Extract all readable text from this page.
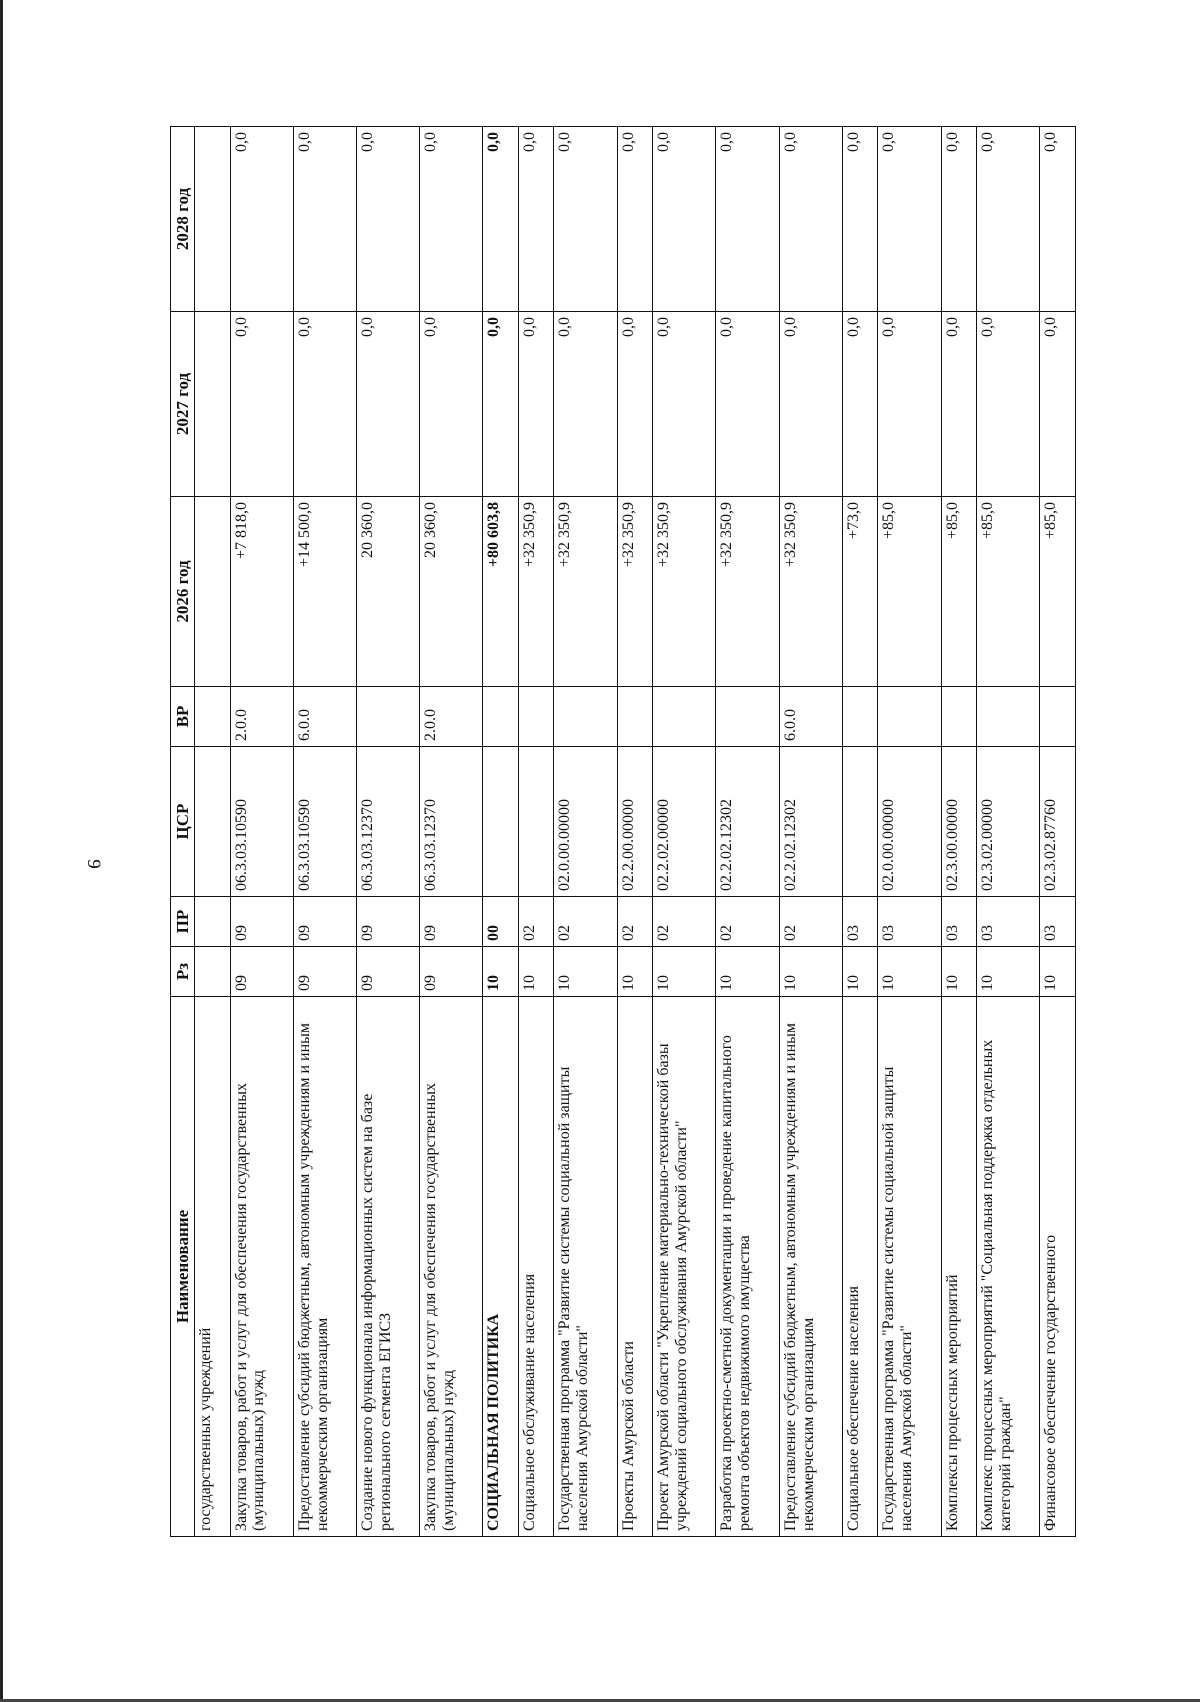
9
Наименование	Рз	ПР	ЦСР	ВР	2026 год	2027 год	2028 год
государственных учреждений							
Закупка товаров, работ и услуг для обеспечения государственных (муниципальных) нужд	09	09	06.3.03.10590	2.0.0	+7 818,0	0,0	0,0
Предоставление субсидий бюджетным, автономным учреждениям и иным некоммерческим организациям	09	09	06.3.03.10590	6.0.0	+14 500,0	0,0	0,0
Создание нового функционала информационных систем на базе регионального сегмента ЕГИСЗ	09	09	06.3.03.12370		20 360,0	0,0	0,0
Закупка товаров, работ и услуг для обеспечения государственных (муниципальных) нужд	09	09	06.3.03.12370	2.0.0	20 360,0	0,0	0,0
СОЦИАЛЬНАЯ ПОЛИТИКА	10	00			+80 603,8	0,0	0,0
Социальное обслуживание населения	10	02			+32 350,9	0,0	0,0
Государственная программа "Развитие системы социальной защиты населения Амурской области"	10	02	02.0.00.00000		+32 350,9	0,0	0,0
Проекты Амурской области	10	02	02.2.00.00000		+32 350,9	0,0	0,0
Проект Амурской области "Укрепление материально-технической базы учреждений социального обслуживания Амурской области"	10	02	02.2.02.00000		+32 350,9	0,0	0,0
Разработка проектно-сметной документации и проведение капитального ремонта объектов недвижимого имущества	10	02	02.2.02.12302		+32 350,9	0,0	0,0
Предоставление субсидий бюджетным, автономным учреждениям и иным некоммерческим организациям	10	02	02.2.02.12302	6.0.0	+32 350,9	0,0	0,0
Социальное обеспечение населения	10	03			+73,0	0,0	0,0
Государственная программа "Развитие системы социальной защиты населения Амурской области"	10	03	02.0.00.00000		+85,0	0,0	0,0
Комплексы процессных мероприятий	10	03	02.3.00.00000		+85,0	0,0	0,0
Комплекс процессных мероприятий "Социальная поддержка отдельных категорий граждан"	10	03	02.3.02.00000		+85,0	0,0	0,0
Финансовое обеспечение государственного	10	03	02.3.02.87760		+85,0	0,0	0,0
